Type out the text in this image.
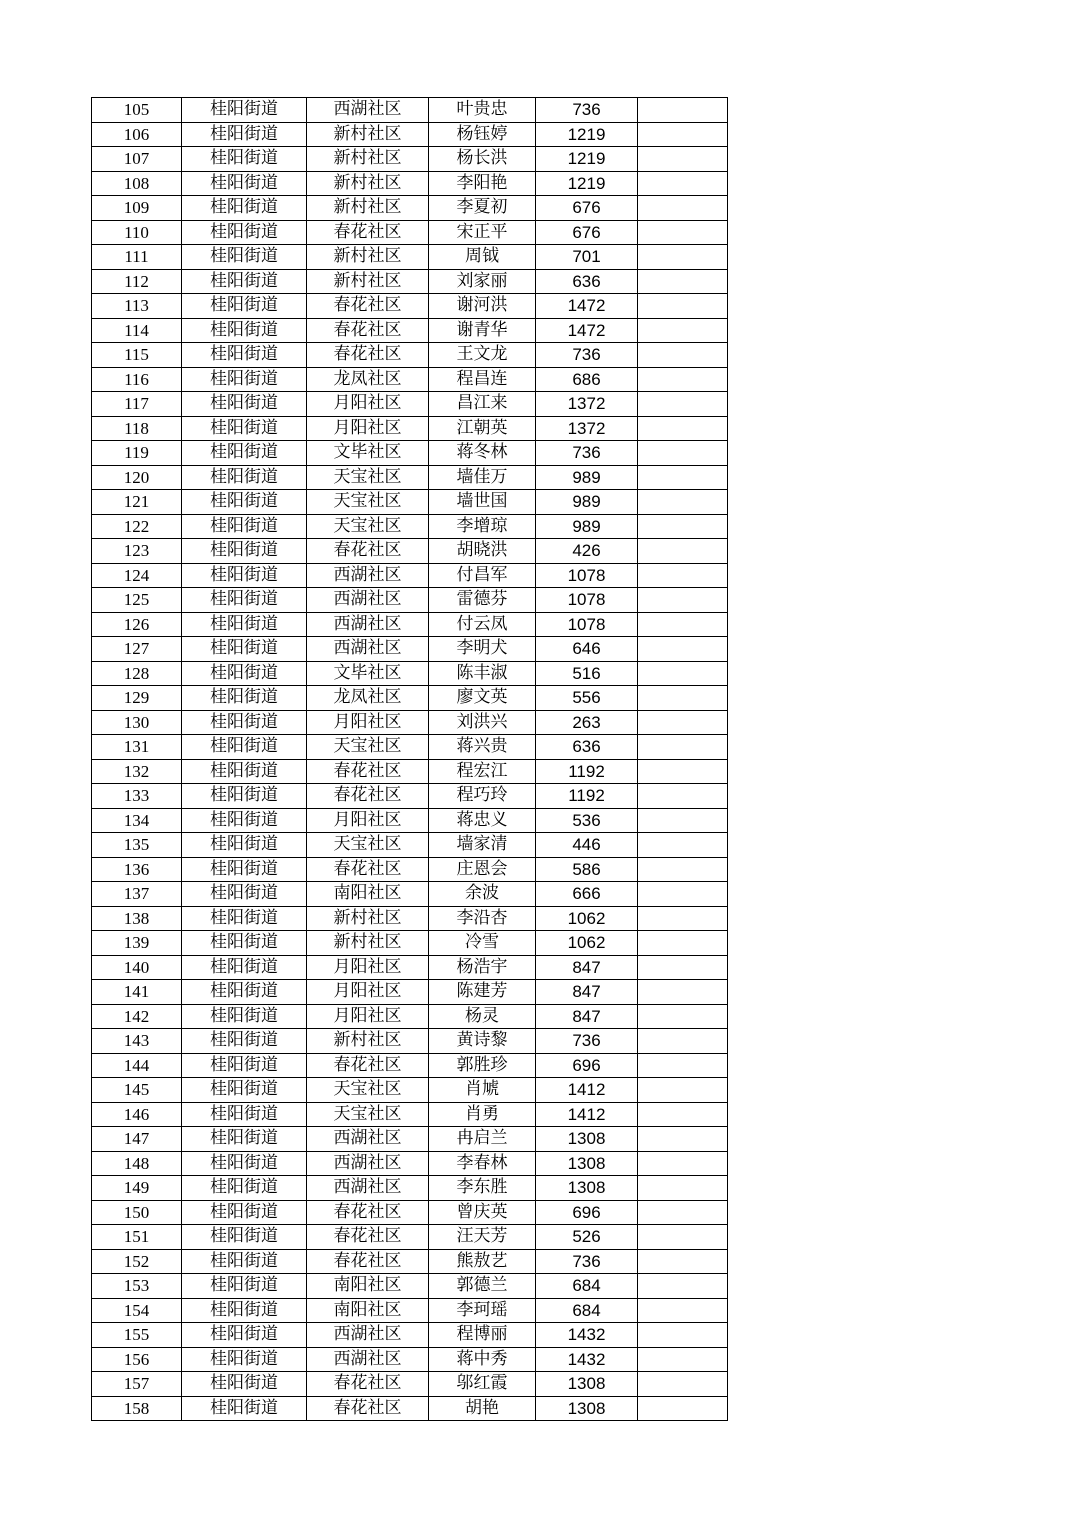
105	桂阳街道	西湖社区	叶贵忠	736	
106	桂阳街道	新村社区	杨钰婷	1219	
107	桂阳街道	新村社区	杨长洪	1219	
108	桂阳街道	新村社区	李阳艳	1219	
109	桂阳街道	新村社区	李夏初	676	
110	桂阳街道	春花社区	宋正平	676	
111	桂阳街道	新村社区	周钺	701	
112	桂阳街道	新村社区	刘家丽	636	
113	桂阳街道	春花社区	谢河洪	1472	
114	桂阳街道	春花社区	谢青华	1472	
115	桂阳街道	春花社区	王文龙	736	
116	桂阳街道	龙凤社区	程昌连	686	
117	桂阳街道	月阳社区	昌江来	1372	
118	桂阳街道	月阳社区	江朝英	1372	
119	桂阳街道	文毕社区	蒋冬林	736	
120	桂阳街道	天宝社区	墙佳万	989	
121	桂阳街道	天宝社区	墙世国	989	
122	桂阳街道	天宝社区	李增琼	989	
123	桂阳街道	春花社区	胡晓洪	426	
124	桂阳街道	西湖社区	付昌军	1078	
125	桂阳街道	西湖社区	雷德芬	1078	
126	桂阳街道	西湖社区	付云凤	1078	
127	桂阳街道	西湖社区	李明犬	646	
128	桂阳街道	文毕社区	陈丰淑	516	
129	桂阳街道	龙凤社区	廖文英	556	
130	桂阳街道	月阳社区	刘洪兴	263	
131	桂阳街道	天宝社区	蒋兴贵	636	
132	桂阳街道	春花社区	程宏江	1192	
133	桂阳街道	春花社区	程巧玲	1192	
134	桂阳街道	月阳社区	蒋忠义	536	
135	桂阳街道	天宝社区	墙家清	446	
136	桂阳街道	春花社区	庄恩会	586	
137	桂阳街道	南阳社区	余波	666	
138	桂阳街道	新村社区	李沿杏	1062	
139	桂阳街道	新村社区	冷雪	1062	
140	桂阳街道	月阳社区	杨浩宇	847	
141	桂阳街道	月阳社区	陈建芳	847	
142	桂阳街道	月阳社区	杨灵	847	
143	桂阳街道	新村社区	黄诗黎	736	
144	桂阳街道	春花社区	郭胜珍	696	
145	桂阳街道	天宝社区	肖虓	1412	
146	桂阳街道	天宝社区	肖勇	1412	
147	桂阳街道	西湖社区	冉启兰	1308	
148	桂阳街道	西湖社区	李春林	1308	
149	桂阳街道	西湖社区	李东胜	1308	
150	桂阳街道	春花社区	曾庆英	696	
151	桂阳街道	春花社区	汪天芳	526	
152	桂阳街道	春花社区	熊敖艺	736	
153	桂阳街道	南阳社区	郭德兰	684	
154	桂阳街道	南阳社区	李珂瑶	684	
155	桂阳街道	西湖社区	程博丽	1432	
156	桂阳街道	西湖社区	蒋中秀	1432	
157	桂阳街道	春花社区	邬红霞	1308	
158	桂阳街道	春花社区	胡艳	1308	
